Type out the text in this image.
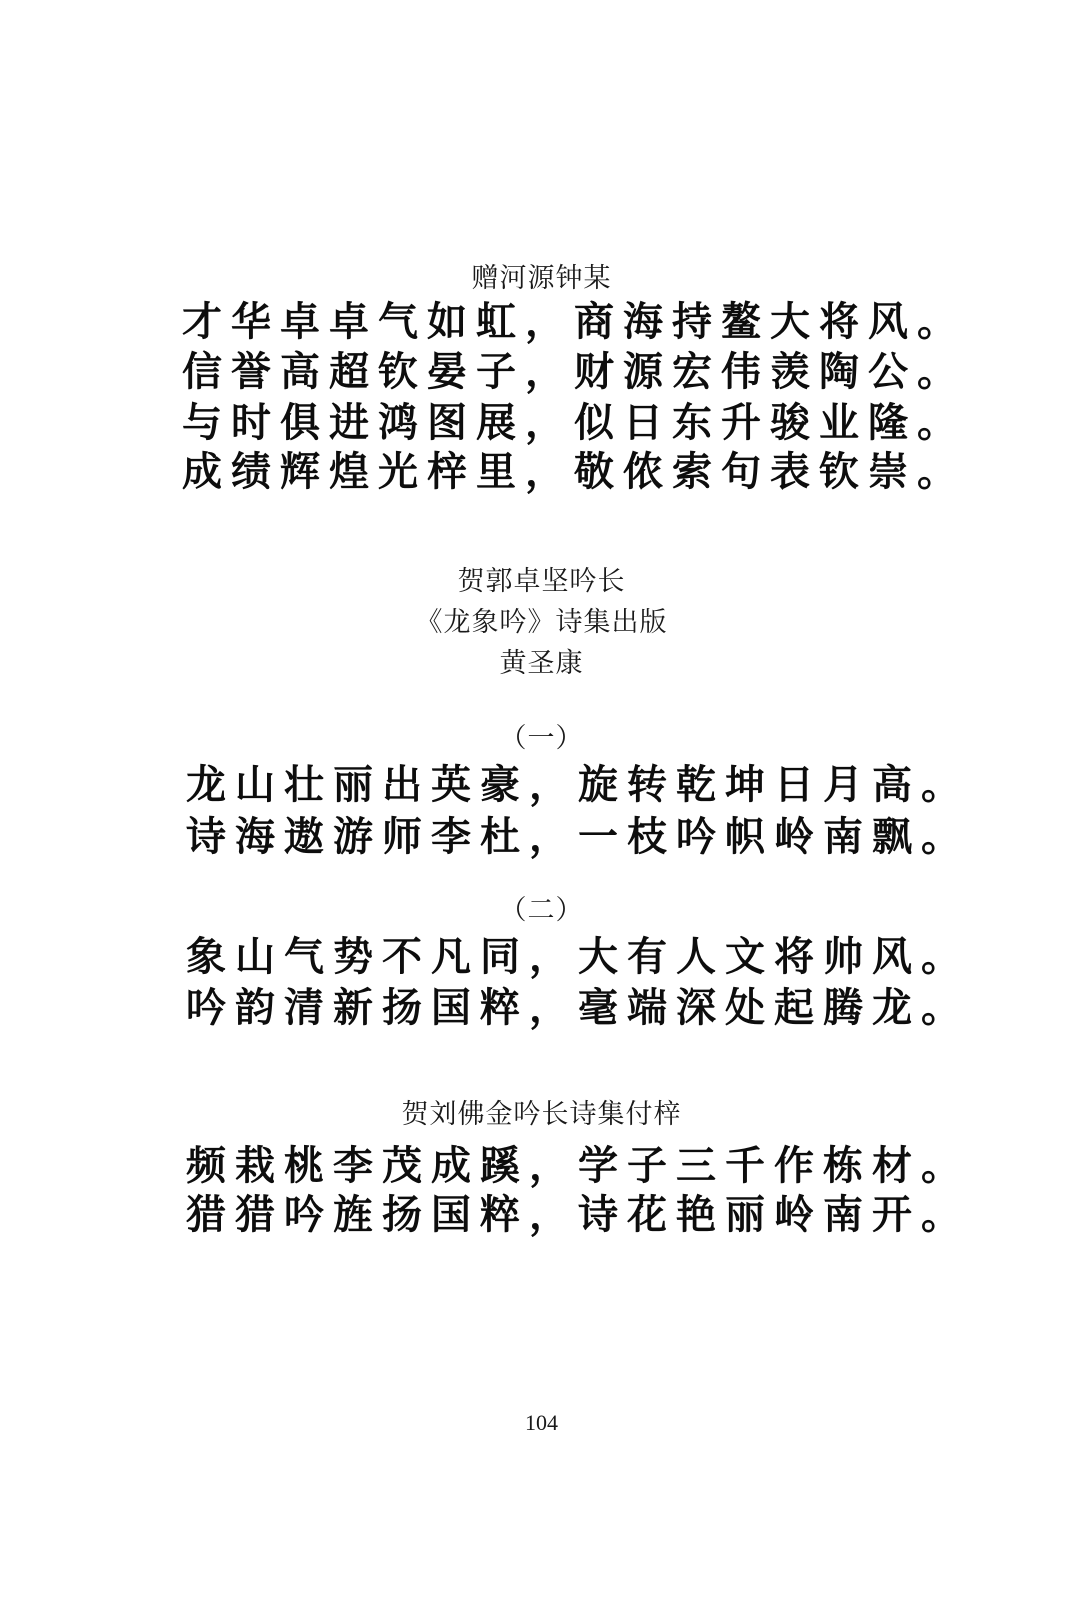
赠河源钟某
才华卓卓气如虹，商海持鳌大将风。
信誉高超钦晏子，财源宏伟羡陶公。
与时俱进鸿图展，似日东升骏业隆。
成绩辉煌光梓里，敬侬索句表钦崇。
贺郭卓坚吟长
《龙象吟》诗集出版
黄圣康
（一）
龙山壮丽出英豪，旋转乾坤日月高。
诗海遨游师李杜，一枝吟帜岭南飘。
（二）
象山气势不凡同，大有人文将帅风。
吟韵清新扬国粹，毫端深处起腾龙。
贺刘佛金吟长诗集付梓
频栽桃李茂成蹊，学子三千作栋材。
猎猎吟旌扬国粹，诗花艳丽岭南开。
104
